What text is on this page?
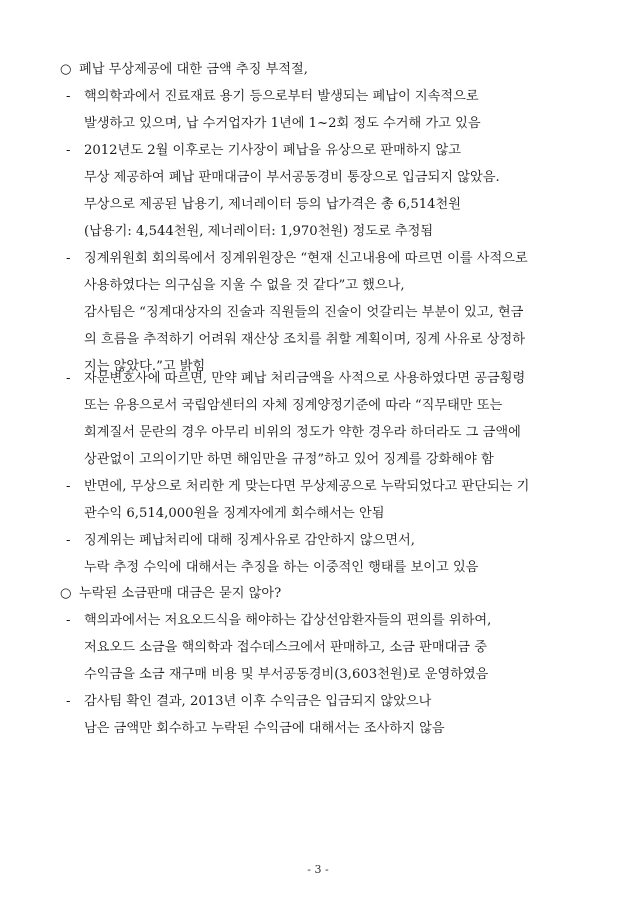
○ 폐납 무상제공에 대한 금액 추징 부적절,
-	핵의학과에서 진료재료 용기 등으로부터 발생되는 폐납이 지속적으로
발생하고 있으며, 납 수거업자가 1년에 1~2회 정도 수거해 가고 있음
-	2012년도 2월 이후로는 기사장이 폐납을 유상으로 판매하지 않고
무상 제공하여 폐납 판매대금이 부서공동경비 통장으로 입금되지 않았음.
무상으로 제공된 납용기, 제너레이터 등의 납가격은 총 6,514천원
(납용기: 4,544천원, 제너레이터: 1,970천원) 정도로 추정됨
-	징계위원회 회의록에서 징계위원장은 “현재 신고내용에 따르면 이를 사적으로
사용하였다는 의구심을 지울 수 없을 것 같다”고 했으나,
감사팀은 “징계대상자의 진술과 직원들의 진술이 엇갈리는 부분이 있고, 현금
의 흐름을 추적하기 어려워 재산상 조치를 취할 계획이며, 징계 사유로 상정하
지는 않았다.”고 밝힘
-	자문변호사에 따르면, 만약 폐납 처리금액을 사적으로 사용하였다면 공금횡령
또는 유용으로서 국립암센터의 자체 징계양정기준에 따라 “직무태만 또는
회계질서 문란의 경우 아무리 비위의 정도가 약한 경우라 하더라도 그 금액에
상관없이 고의이기만 하면 해임만을 규정”하고 있어 징계를 강화해야 함
-	반면에, 무상으로 처리한 게 맞는다면 무상제공으로 누락되었다고 판단되는 기
관수익 6,514,000원을 징계자에게 회수해서는 안됨
-	징계위는 폐납처리에 대해 징계사유로 감안하지 않으면서,
누락 추정 수익에 대해서는 추징을 하는 이중적인 행태를 보이고 있음
○ 누락된 소금판매 대금은 묻지 않아?
-	핵의과에서는 저요오드식을 해야하는 갑상선암환자들의 편의를 위하여,
저요오드 소금을 핵의학과 접수데스크에서 판매하고, 소금 판매대금 중
수익금을 소금 재구매 비용 및 부서공동경비(3,603천원)로 운영하였음
-	감사팀 확인 결과, 2013년 이후 수익금은 입금되지 않았으나
남은 금액만 회수하고 누락된 수익금에 대해서는 조사하지 않음
- 3 -
